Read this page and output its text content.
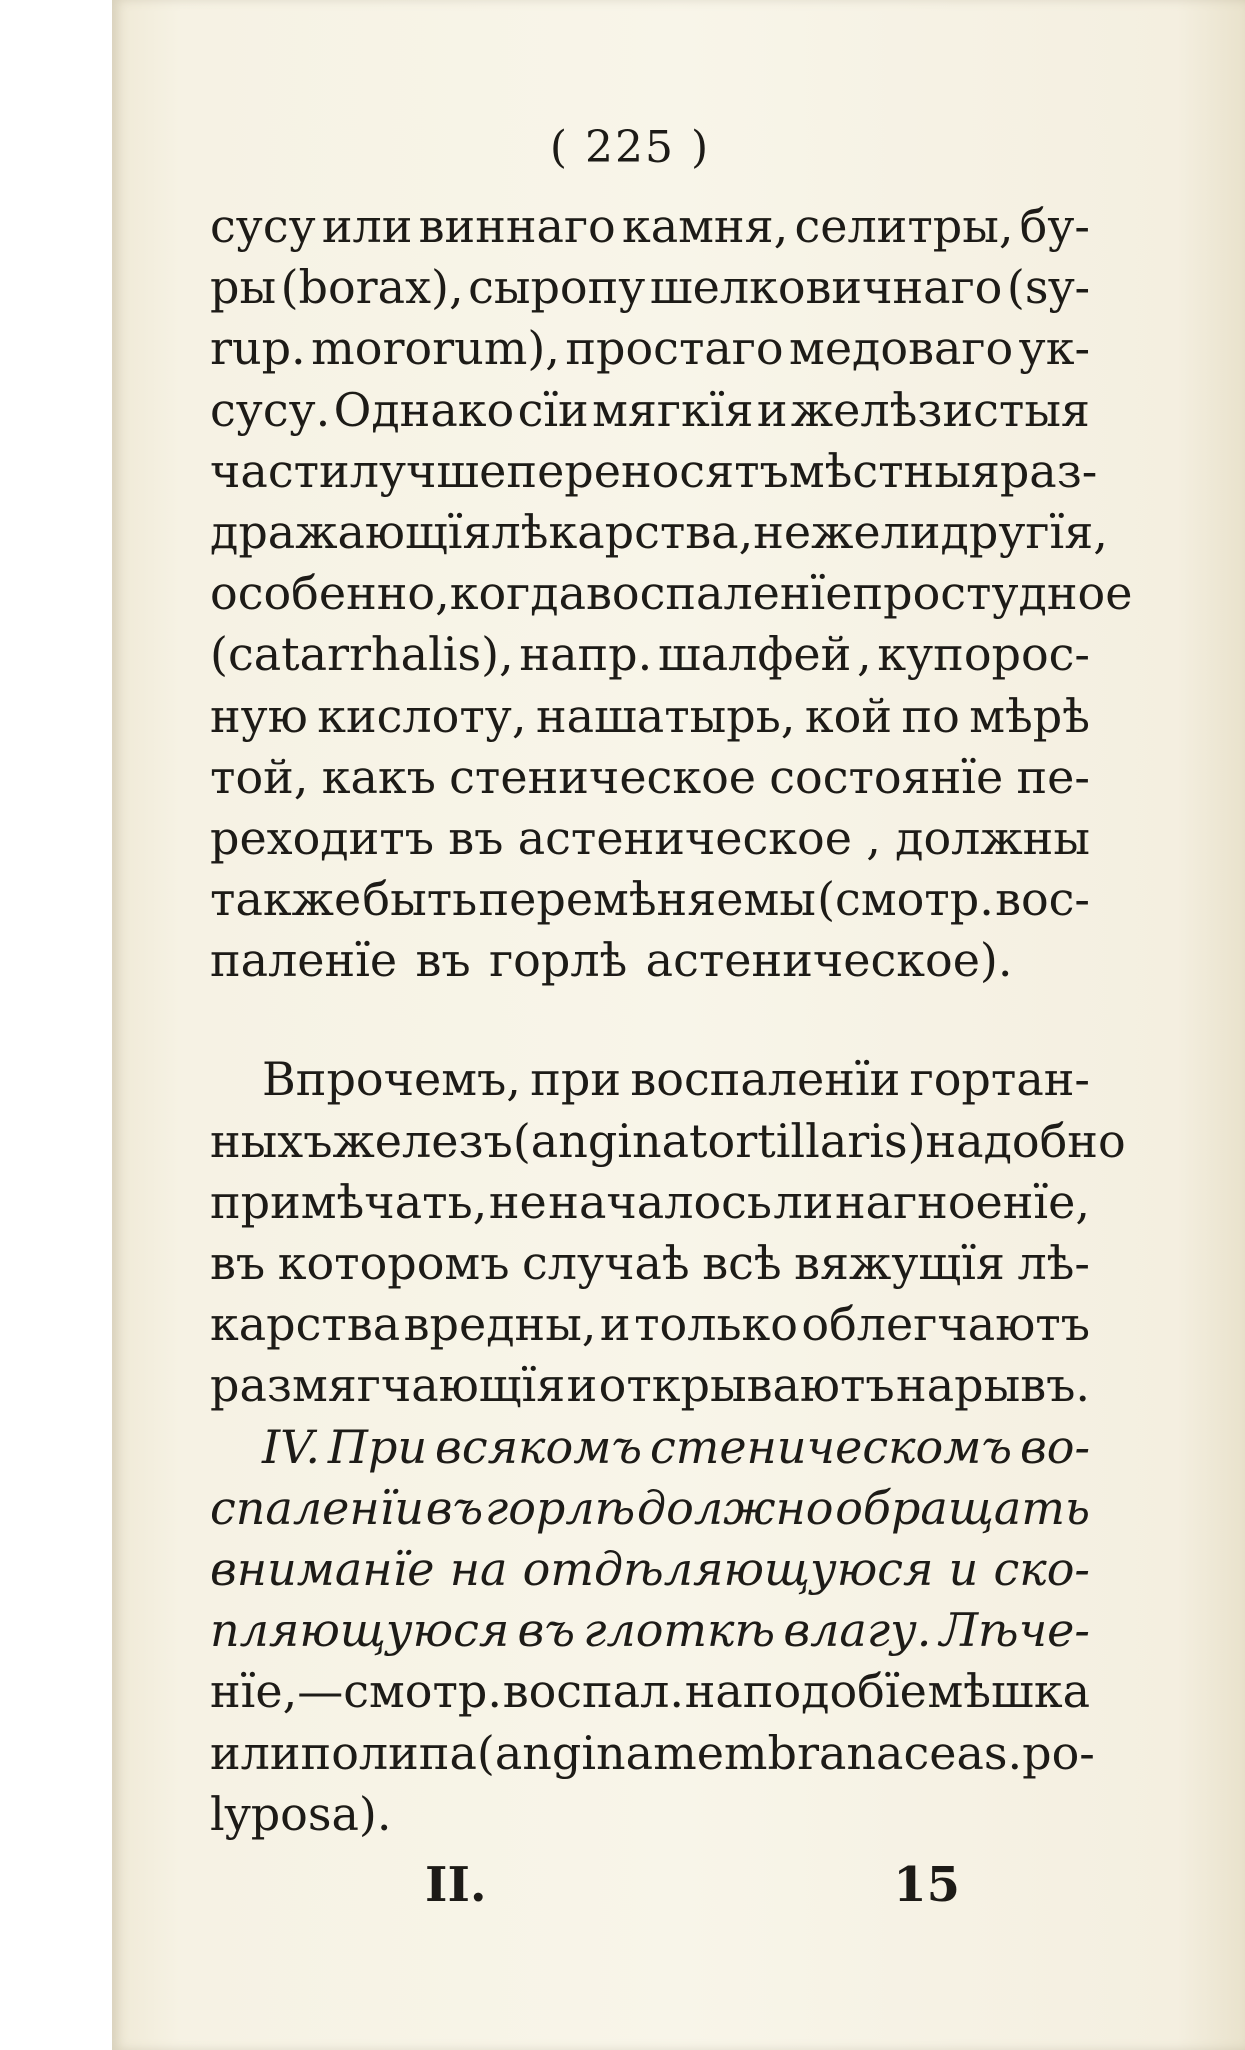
( 225 )
сусу или виннаго камня, селитры, бу-
ры (borax), сыропу шелковичнаго (sy-
rup. mororum), простаго медоваго ук-
сусу. Однако сїи мягкїя и желѣзистыя
части лучше переносятъ мѣстныя раз-
дражающїя лѣкарства, нежели другїя,
особенно, когда воспаленїе простудное
(catarrhalis), напр. шалфей , купорос-
ную кислоту, нашатырь, кой по мѣрѣ
той, какъ стеническое состоянїе пе-
реходитъ въ астеническое , должны
также быть перемѣняемы (смотр. вос-
паленїе въ горлѣ астеническое).
Впрочемъ, при воспаленїи гортан-
ныхъ железъ (angina tortillaris) надобно
примѣчать, не началось ли нагноенїе,
въ которомъ случаѣ всѣ вяжущїя лѣ-
карства вредны, и только облегчаютъ
размягчающїя и открываютъ нарывъ.
IV. При всякомъ стеническомъ во-
спаленїи въ горлѣ должно обращать
вниманїе на отдѣляющуюся и ско-
пляющуюся въ глоткѣ влагу. Лѣче-
нїе,—смотр. воспал. наподобїе мѣшка
или полипа (angina membranacea s. po-
lyposa).
II.	15
